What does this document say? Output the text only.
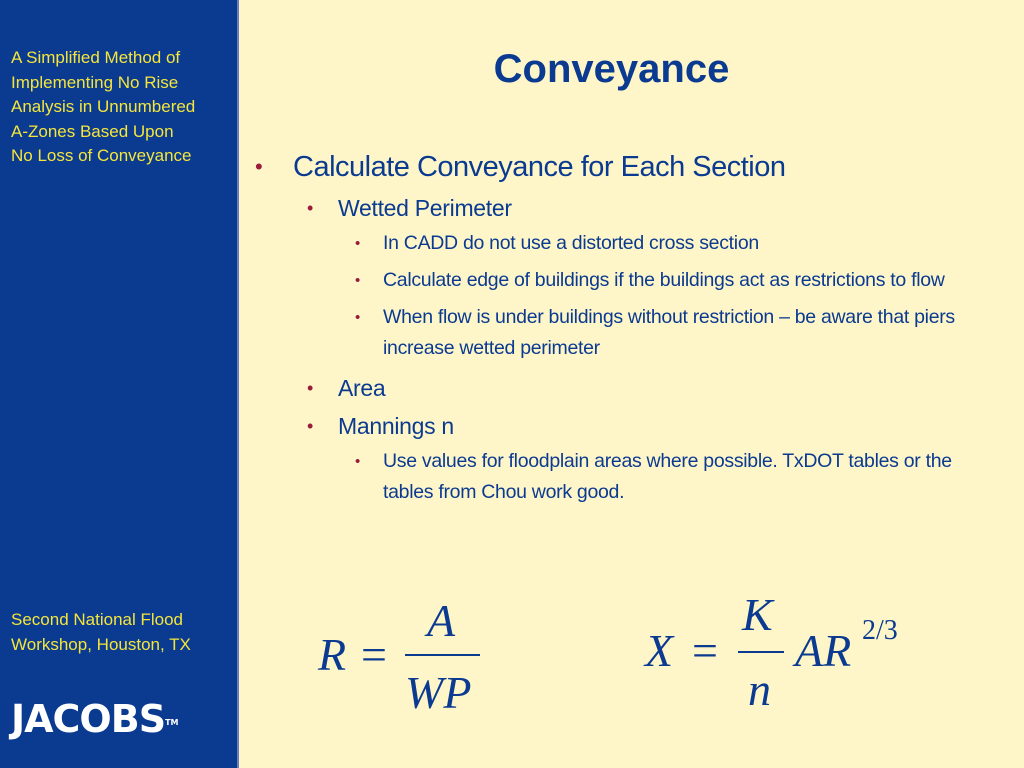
A Simplified Method of
Implementing No Rise
Analysis in Unnumbered
A-Zones Based Upon
No Loss of Conveyance
Second National Flood
Workshop, Houston, TX
JACOBS™
Conveyance
• Calculate Conveyance for Each Section
• Wetted Perimeter
• In CADD do not use a distorted cross section
• Calculate edge of buildings if the buildings act as restrictions to flow
• When flow is under buildings without restriction – be aware that piers increase wetted perimeter
• Area
• Mannings n
• Use values for floodplain areas where possible. TxDOT tables or the tables from Chou work good.
R =
A
WP
X =
K
n
AR 2/3
